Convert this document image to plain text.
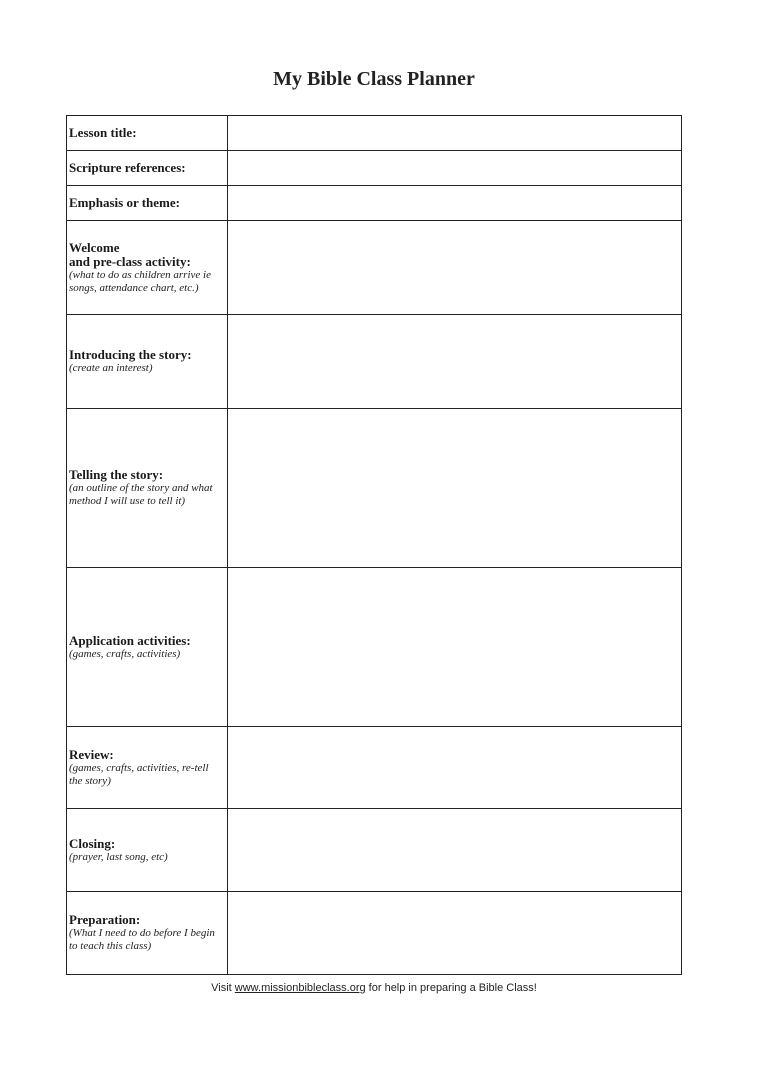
My Bible Class Planner
Lesson title:	

Scripture references:	

Emphasis or theme:	

Welcome
and pre-class activity:
(what to do as children arrive ie songs, attendance chart, etc.)	

Introducing the story:
(create an interest)	

Telling the story:
(an outline of the story and what method I will use to tell it)	

Application activities:
(games, crafts, activities)	

Review:
(games, crafts, activities, re-tell the story)	

Closing:
(prayer, last song, etc)	

Preparation:
(What I need to do before I begin to teach this class)	

Visit www.missionbibleclass.org for help in preparing a Bible Class!
